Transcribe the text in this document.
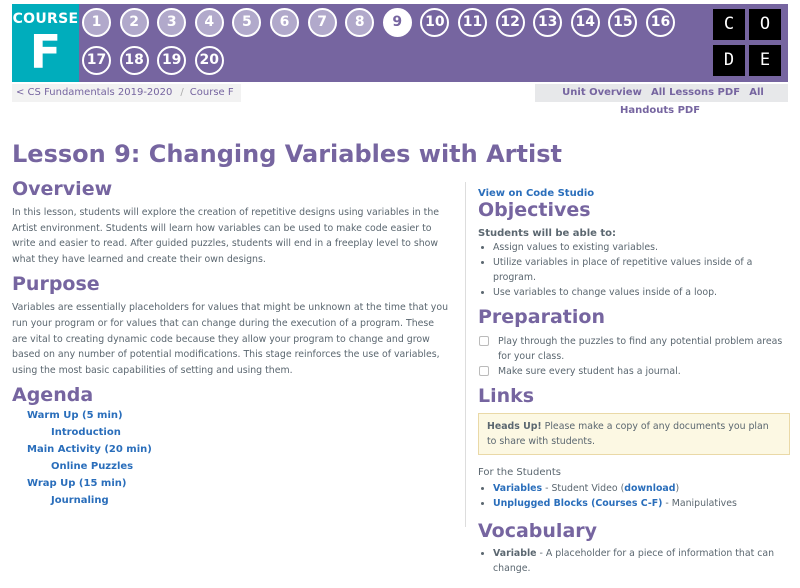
COURSE
F
1	2	3	4	5	6	7	8	9	10	11	12	13	14	15	16
17	18	19	20
C	O
D	E
< CS Fundamentals 2019-2020 / Course F	Unit Overview All Lessons PDF All Handouts PDF
Lesson 9: Changing Variables with Artist
Overview

In this lesson, students will explore the creation of repetitive designs using variables in the Artist environment. Students will learn how variables can be used to make code easier to write and easier to read. After guided puzzles, students will end in a freeplay level to show what they have learned and create their own designs.

Purpose

Variables are essentially placeholders for values that might be unknown at the time that you run your program or for values that can change during the execution of a program. These are vital to creating dynamic code because they allow your program to change and grow based on any number of potential modifications. This stage reinforces the use of variables, using the most basic capabilities of setting and using them.

Agenda
Warm Up (5 min)
Introduction
Main Activity (20 min)
Online Puzzles
Wrap Up (15 min)
Journaling
View on Code Studio
Objectives
Students will be able to:
• Assign values to existing variables.
• Utilize variables in place of repetitive values inside of a program.
• Use variables to change values inside of a loop.
Preparation
Play through the puzzles to find any potential problem areas for your class.
Make sure every student has a journal.
Links
Heads Up! Please make a copy of any documents you plan to share with students.
For the Students
• Variables - Student Video (download)
• Unplugged Blocks (Courses C-F) - Manipulatives
Vocabulary
• Variable - A placeholder for a piece of information that can change.
